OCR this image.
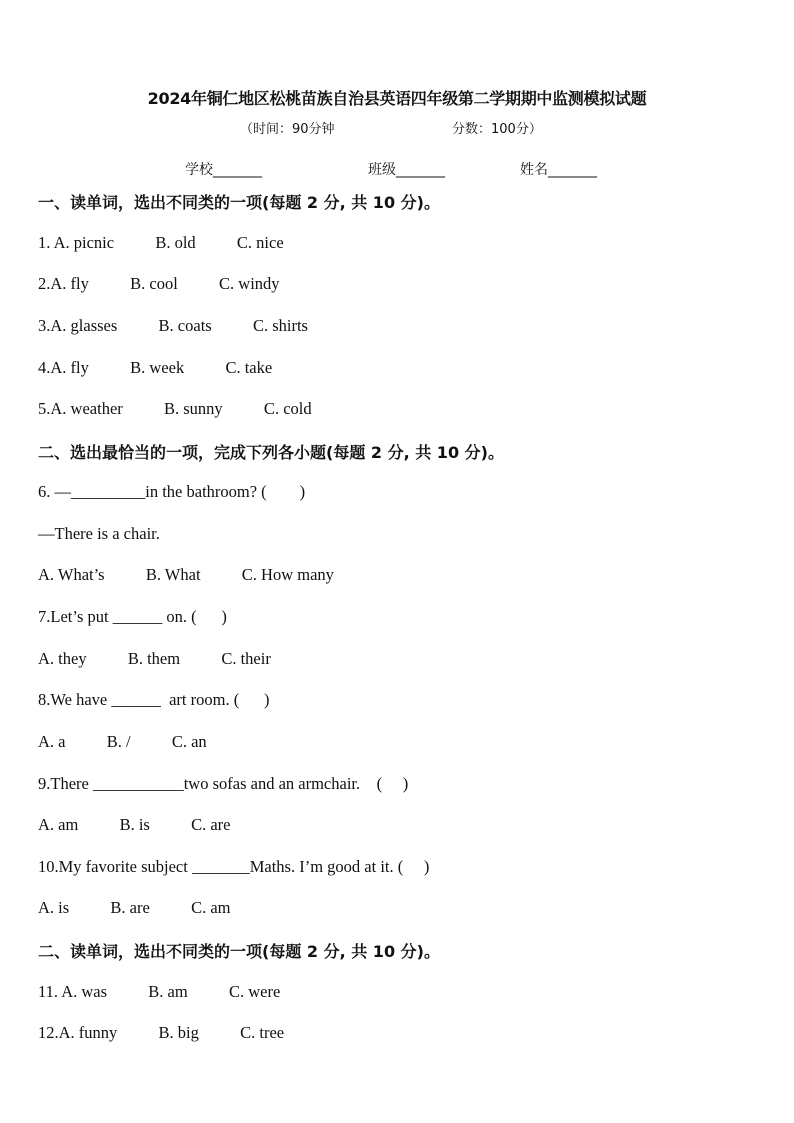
2024年铜仁地区松桃苗族自治县英语四年级第二学期期中监测模拟试题
（时间：90分钟	分数：100分）
学校_______	班级_______	姓名_______
一、读单词，选出不同类的一项(每题 2 分, 共 10 分)。
1. A. picnic          B. old          C. nice
2.A. fly          B. cool          C. windy
3.A. glasses          B. coats          C. shirts
4.A. fly          B. week          C. take
5.A. weather          B. sunny          C. cold
二、选出最恰当的一项，完成下列各小题(每题 2 分, 共 10 分)。
6. —_________in the bathroom? (        )
—There is a chair.
A. What’s          B. What          C. How many
7.Let’s put ______ on. (      )
A. they          B. them          C. their
8.We have ______  art room. (      )
A. a          B. /          C. an
9.There ___________two sofas and an armchair.    (     )
A. am          B. is          C. are
10.My favorite subject _______Maths. I’m good at it. (     )
A. is          B. are          C. am
二、读单词，选出不同类的一项(每题 2 分, 共 10 分)。
11. A. was          B. am          C. were
12.A. funny          B. big          C. tree
